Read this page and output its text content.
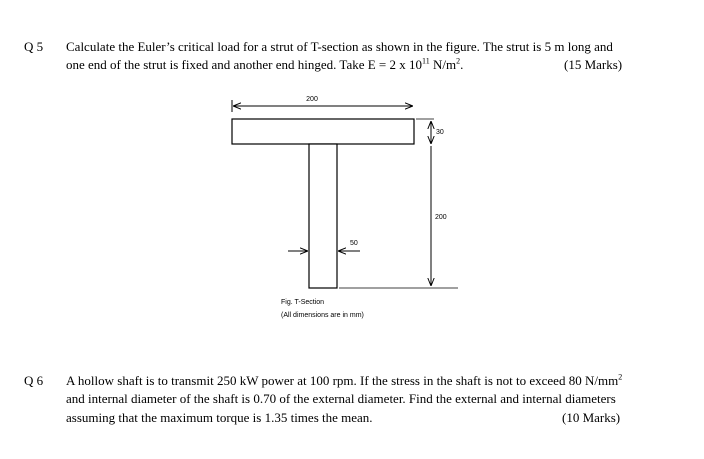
Q 5 Calculate the Euler’s critical load for a strut of T-section as shown in the figure. The strut is 5 m long and
one end of the strut is fixed and another end hinged. Take E = 2 x $10^{11}$ $N/m^2$.	(15 Marks)
200
30
200
50
Fig. T-Section
(All dimensions are in mm)
Q 6 A hollow shaft is to transmit 250 kW power at 100 rpm. If the stress in the shaft is not to exceed 80 $N/mm^2$
and internal diameter of the shaft is 0.70 of the external diameter. Find the external and internal diameters
assuming that the maximum torque is 1.35 times the mean.	(10 Marks)
